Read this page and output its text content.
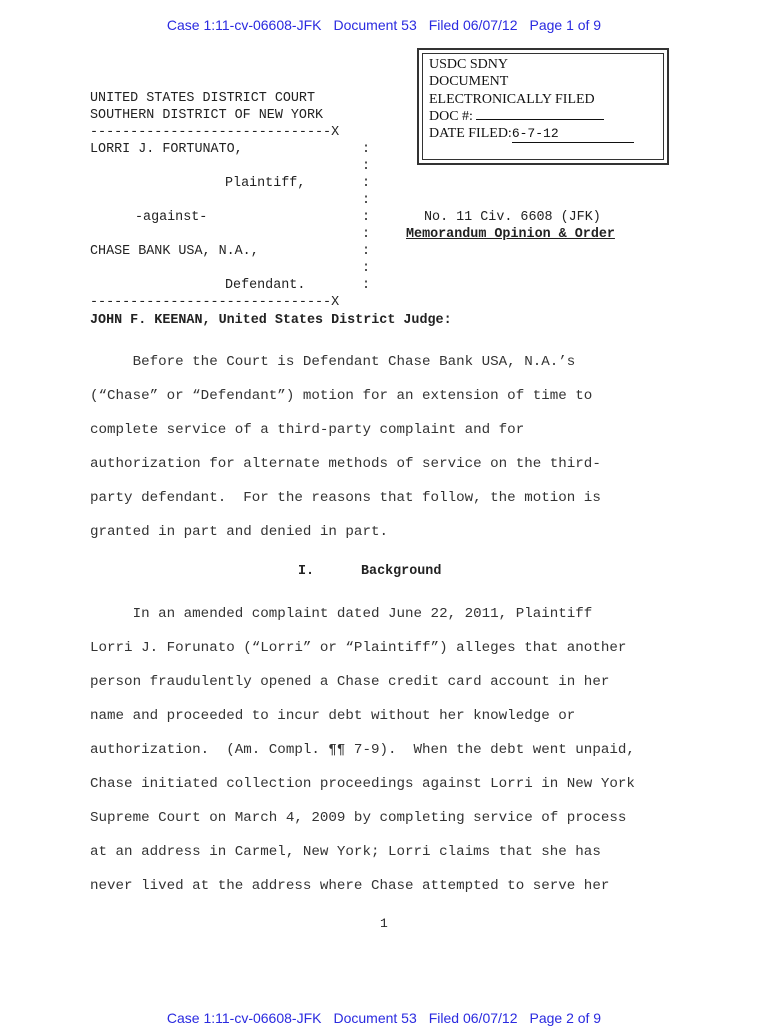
Case 1:11-cv-06608-JFK Document 53 Filed 06/07/12 Page 1 of 9
USDC SDNY
DOCUMENT
ELECTRONICALLY FILED
DOC #:
DATE FILED:6-7-12
UNITED STATES DISTRICT COURT
SOUTHERN DISTRICT OF NEW YORK
------------------------------X
LORRI J. FORTUNATO,
Plaintiff,
-against-
CHASE BANK USA, N.A.,
Defendant.
------------------------------X
:
:
:
:
:
:
:
:
:
No. 11 Civ. 6608 (JFK)
Memorandum Opinion & Order
JOHN F. KEENAN, United States District Judge:
Before the Court is Defendant Chase Bank USA, N.A.’s
(“Chase” or “Defendant”) motion for an extension of time to
complete service of a third-party complaint and for
authorization for alternate methods of service on the third-
party defendant.  For the reasons that follow, the motion is
granted in part and denied in part.
I.	Background
In an amended complaint dated June 22, 2011, Plaintiff
Lorri J. Forunato (“Lorri” or “Plaintiff”) alleges that another
person fraudulently opened a Chase credit card account in her
name and proceeded to incur debt without her knowledge or
authorization.  (Am. Compl. ¶¶ 7-9).  When the debt went unpaid,
Chase initiated collection proceedings against Lorri in New York
Supreme Court on March 4, 2009 by completing service of process
at an address in Carmel, New York; Lorri claims that she has
never lived at the address where Chase attempted to serve her
1
Case 1:11-cv-06608-JFK Document 53 Filed 06/07/12 Page 2 of 9
